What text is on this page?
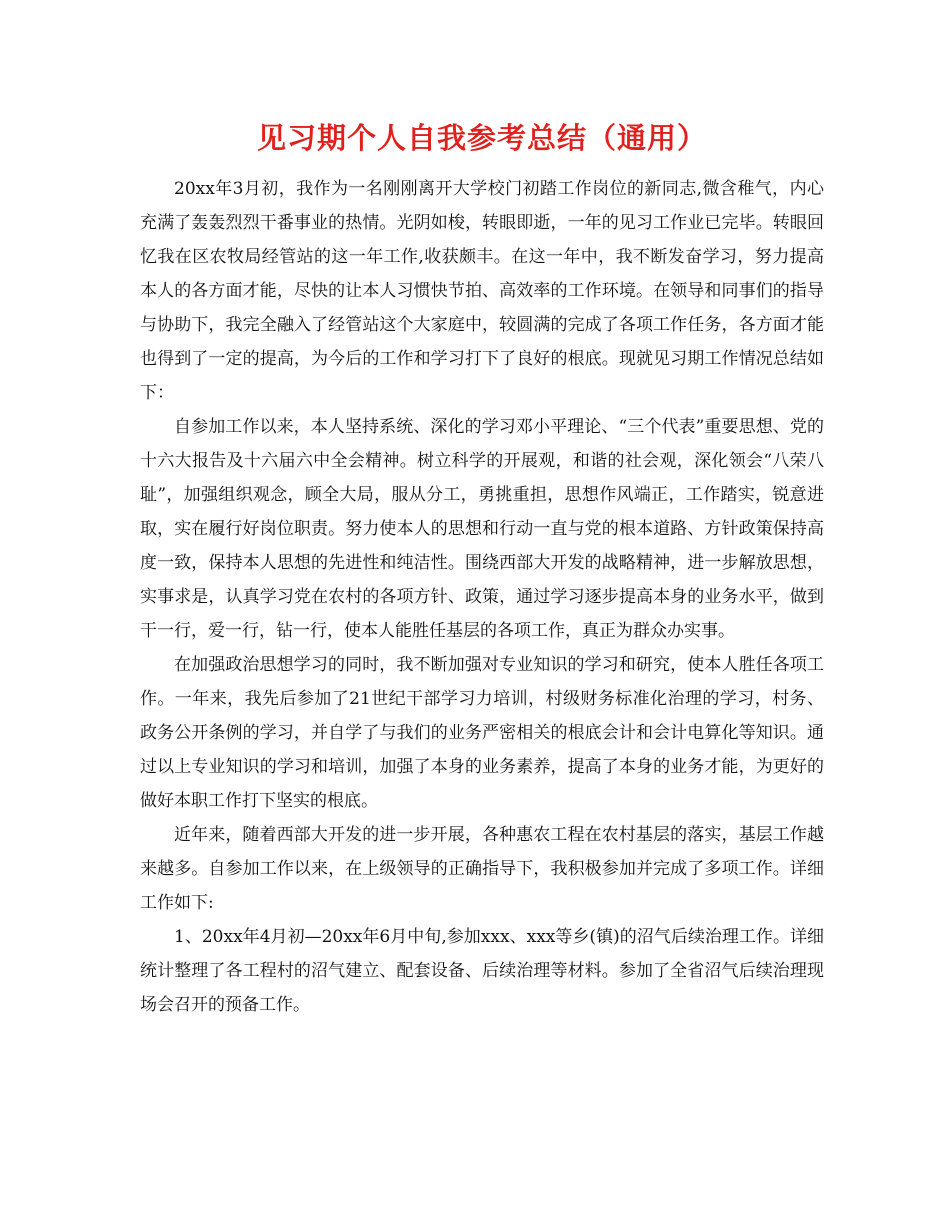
见习期个人自我参考总结（通用）

20xx年3月初，我作为一名刚刚离开大学校门初踏工作岗位的新同志,微含稚气，内心充满了轰轰烈烈干番事业的热情。光阴如梭，转眼即逝，一年的见习工作业已完毕。转眼回忆我在区农牧局经管站的这一年工作,收获颇丰。在这一年中，我不断发奋学习，努力提高本人的各方面才能，尽快的让本人习惯快节拍、高效率的工作环境。在领导和同事们的指导与协助下，我完全融入了经管站这个大家庭中，较圆满的完成了各项工作任务，各方面才能也得到了一定的提高，为今后的工作和学习打下了良好的根底。现就见习期工作情况总结如下：

自参加工作以来，本人坚持系统、深化的学习邓小平理论、“三个代表”重要思想、党的十六大报告及十六届六中全会精神。树立科学的开展观，和谐的社会观，深化领会“八荣八耻”，加强组织观念，顾全大局，服从分工，勇挑重担，思想作风端正，工作踏实，锐意进取，实在履行好岗位职责。努力使本人的思想和行动一直与党的根本道路、方针政策保持高度一致，保持本人思想的先进性和纯洁性。围绕西部大开发的战略精神，进一步解放思想，实事求是，认真学习党在农村的各项方针、政策，通过学习逐步提高本身的业务水平，做到干一行，爱一行，钻一行，使本人能胜任基层的各项工作，真正为群众办实事。

在加强政治思想学习的同时，我不断加强对专业知识的学习和研究，使本人胜任各项工作。一年来，我先后参加了21世纪干部学习力培训，村级财务标准化治理的学习，村务、政务公开条例的学习，并自学了与我们的业务严密相关的根底会计和会计电算化等知识。通过以上专业知识的学习和培训，加强了本身的业务素养，提高了本身的业务才能，为更好的做好本职工作打下坚实的根底。

近年来，随着西部大开发的进一步开展，各种惠农工程在农村基层的落实，基层工作越来越多。自参加工作以来，在上级领导的正确指导下，我积极参加并完成了多项工作。详细工作如下:

1、20xx年4月初—20xx年6月中旬,参加xxx、xxx等乡(镇)的沼气后续治理工作。详细统计整理了各工程村的沼气建立、配套设备、后续治理等材料。参加了全省沼气后续治理现场会召开的预备工作。
